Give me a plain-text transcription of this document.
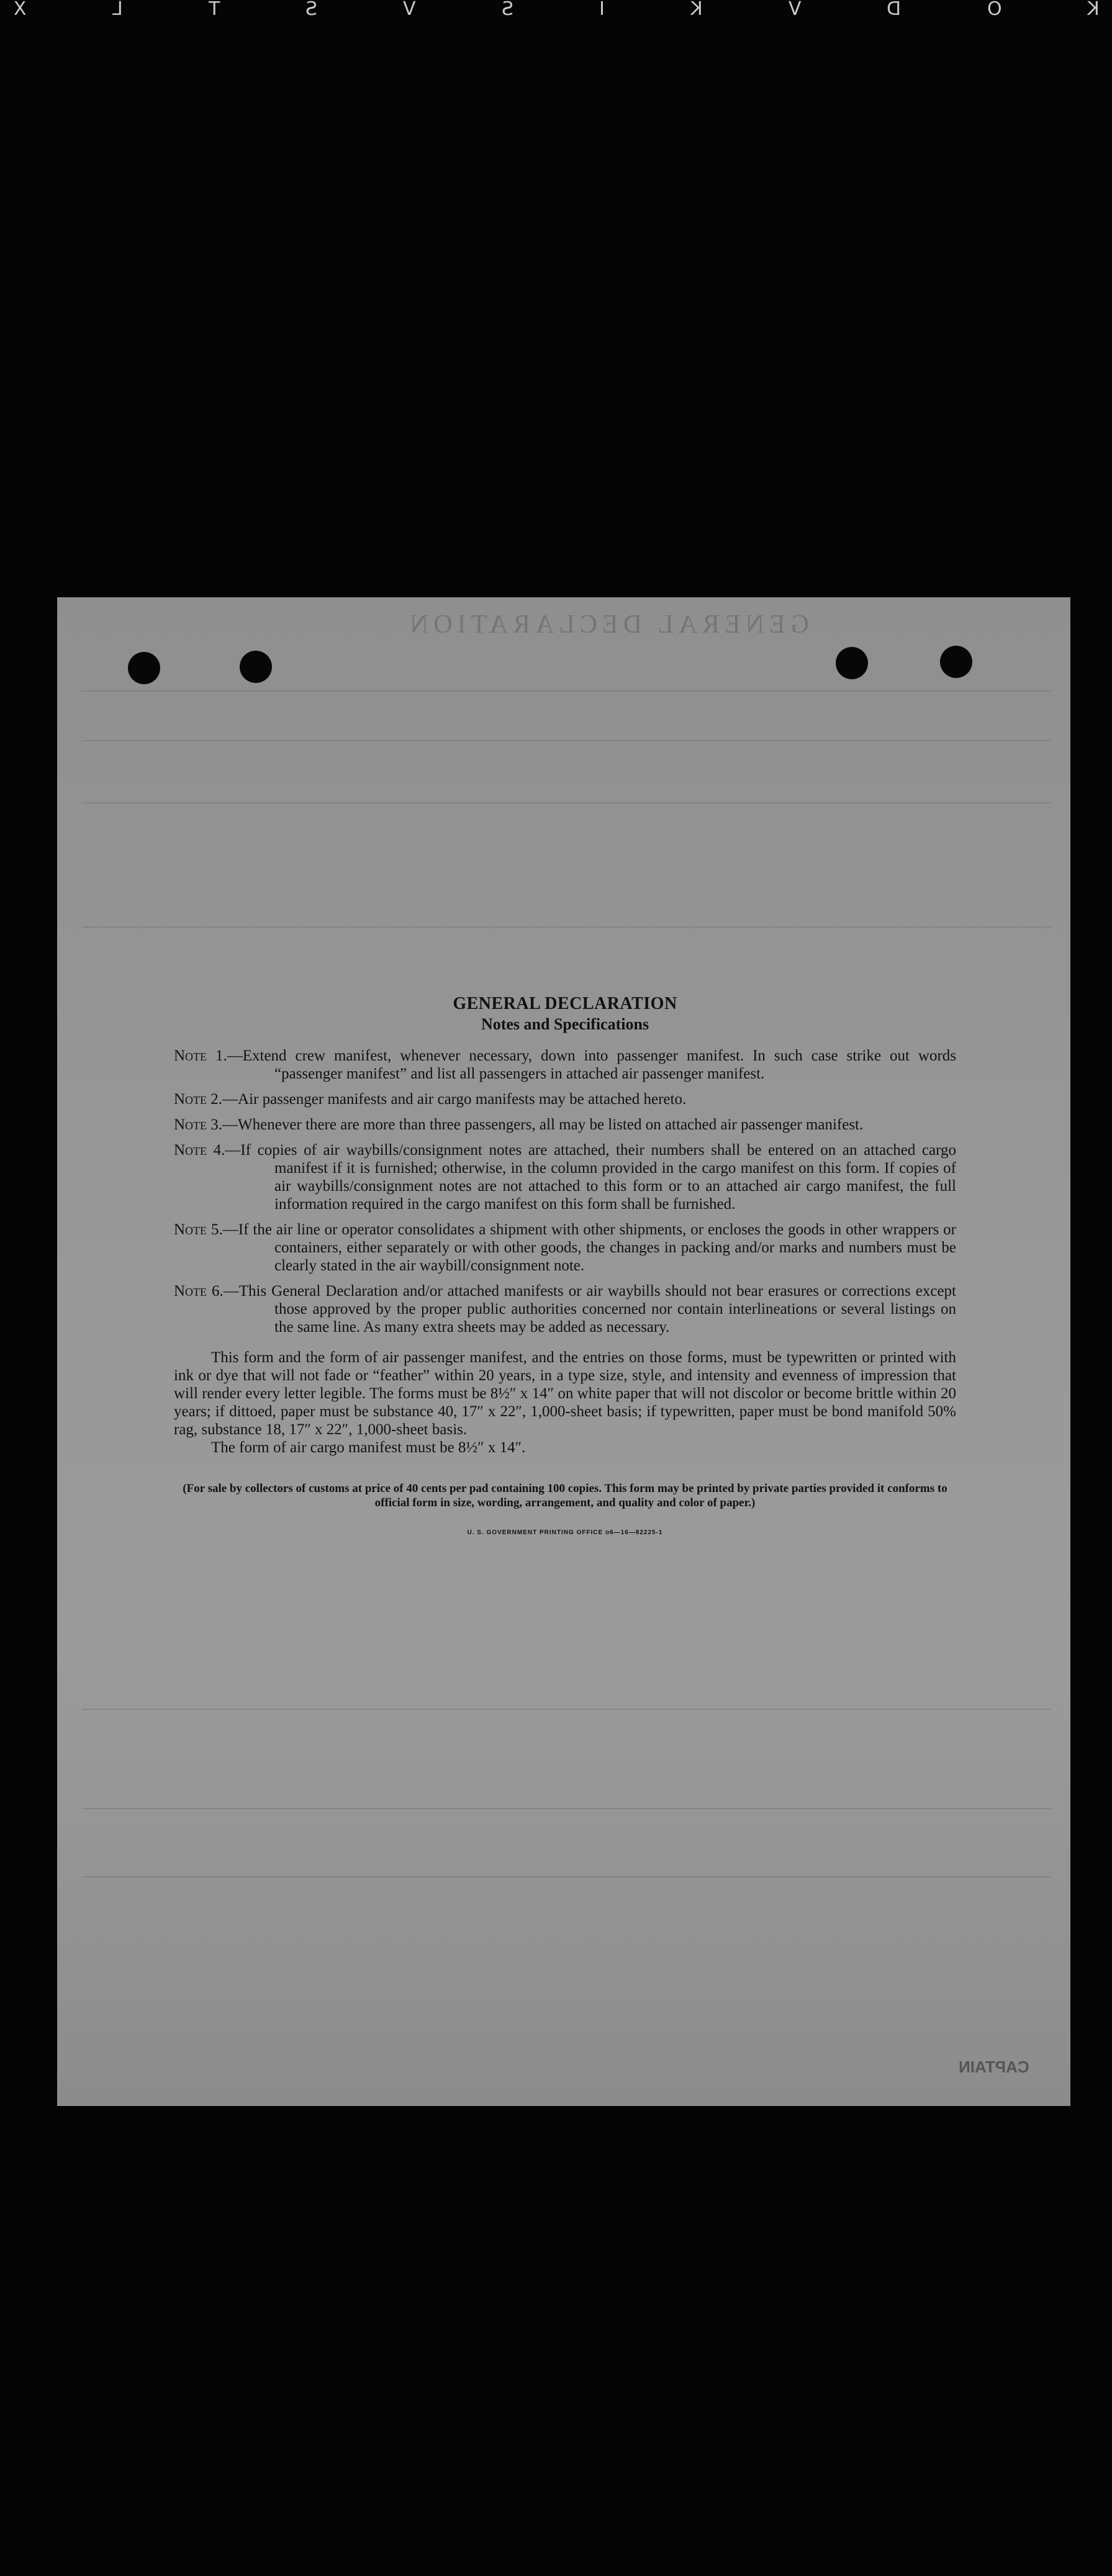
X	L	T	S	V	S	I	K	V	D	O	K
GENERAL DECLARATION

GENERAL DECLARATION

Notes and Specifications

Note 1.—Extend crew manifest, whenever necessary, down into passenger manifest. In such case strike out words “passenger manifest” and list all passengers in attached air passenger manifest.
Note 2.—Air passenger manifests and air cargo manifests may be attached hereto.
Note 3.—Whenever there are more than three passengers, all may be listed on attached air passenger manifest.
Note 4.—If copies of air waybills/consignment notes are attached, their numbers shall be entered on an attached cargo manifest if it is furnished; otherwise, in the column provided in the cargo manifest on this form. If copies of air waybills/consignment notes are not attached to this form or to an attached air cargo manifest, the full information required in the cargo manifest on this form shall be furnished.
Note 5.—If the air line or operator consolidates a shipment with other shipments, or encloses the goods in other wrappers or containers, either separately or with other goods, the changes in packing and/or marks and numbers must be clearly stated in the air waybill/consignment note.
Note 6.—This General Declaration and/or attached manifests or air waybills should not bear erasures or corrections except those approved by the proper public authorities concerned nor contain interlineations or several listings on the same line. As many extra sheets may be added as necessary.
This form and the form of air passenger manifest, and the entries on those forms, must be typewritten or printed with ink or dye that will not fade or “feather” within 20 years, in a type size, style, and intensity and evenness of impression that will render every letter legible. The forms must be 8½″ x 14″ on white paper that will not discolor or become brittle within 20 years; if dittoed, paper must be substance 40, 17″ x 22″, 1,000-sheet basis; if typewritten, paper must be bond manifold 50% rag, substance 18, 17″ x 22″, 1,000-sheet basis.
The form of air cargo manifest must be 8½″ x 14″.
(For sale by collectors of customs at price of 40 cents per pad containing 100 copies. This form may be printed by private parties provided it conforms to official form in size, wording, arrangement, and quality and color of paper.)
U. S. GOVERNMENT PRINTING OFFICE o6—16—82225-1
CAPTAIN
